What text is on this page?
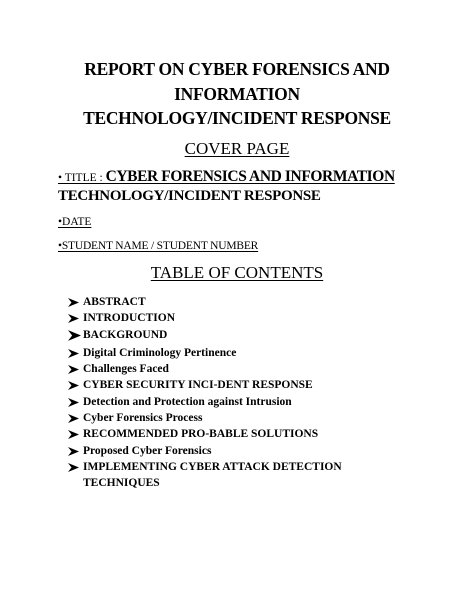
REPORT ON CYBER FORENSICS AND
INFORMATION
TECHNOLOGY/INCIDENT RESPONSE
COVER PAGE
• TITLE : CYBER FORENSICS AND INFORMATION
TECHNOLOGY/INCIDENT RESPONSE
•DATE
•STUDENT NAME / STUDENT NUMBER
TABLE OF CONTENTS
ABSTRACT
INTRODUCTION
BACKGROUND
Digital Criminology Pertinence
Challenges Faced
CYBER SECURITY INCI-DENT RESPONSE
Detection and Protection against Intrusion
Cyber Forensics Process
RECOMMENDED PRO-BABLE SOLUTIONS
Proposed Cyber Forensics
IMPLEMENTING CYBER ATTACK DETECTION
TECHNIQUES
